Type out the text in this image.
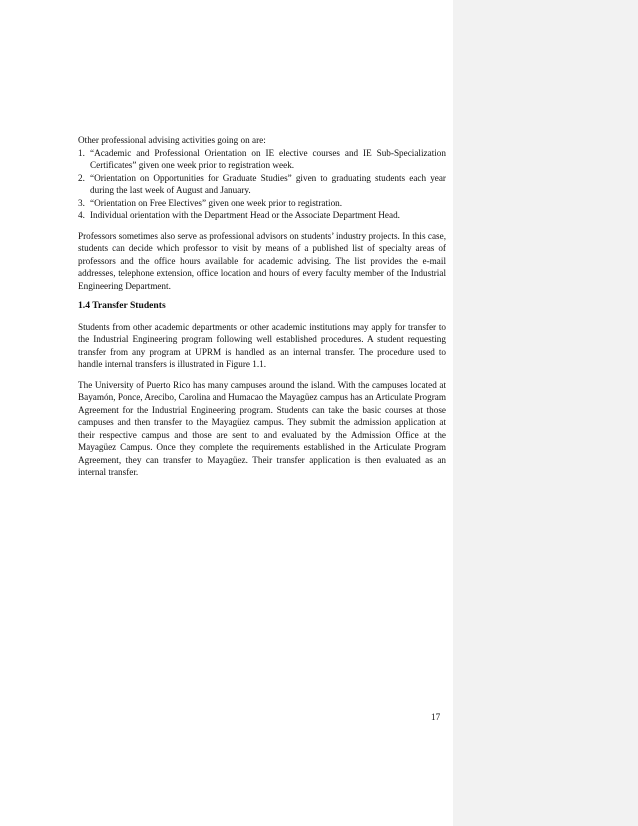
Other professional advising activities going on are:

1. “Academic and Professional Orientation on IE elective courses and IE Sub-Specialization Certificates” given one week prior to registration week.
2. “Orientation on Opportunities for Graduate Studies” given to graduating students each year during the last week of August and January.
3. “Orientation on Free Electives” given one week prior to registration.
4. Individual orientation with the Department Head or the Associate Department Head.

Professors sometimes also serve as professional advisors on students’ industry projects. In this case, students can decide which professor to visit by means of a published list of specialty areas of professors and the office hours available for academic advising. The list provides the e-mail addresses, telephone extension, office location and hours of every faculty member of the Industrial Engineering Department.

1.4 Transfer Students

Students from other academic departments or other academic institutions may apply for transfer to the Industrial Engineering program following well established procedures. A student requesting transfer from any program at UPRM is handled as an internal transfer. The procedure used to handle internal transfers is illustrated in Figure 1.1.

The University of Puerto Rico has many campuses around the island. With the campuses located at Bayamón, Ponce, Arecibo, Carolina and Humacao the Mayagüez campus has an Articulate Program Agreement for the Industrial Engineering program. Students can take the basic courses at those campuses and then transfer to the Mayagüez campus. They submit the admission application at their respective campus and those are sent to and evaluated by the Admission Office at the Mayagüez Campus. Once they complete the requirements established in the Articulate Program Agreement, they can transfer to Mayagüez. Their transfer application is then evaluated as an internal transfer.

17
